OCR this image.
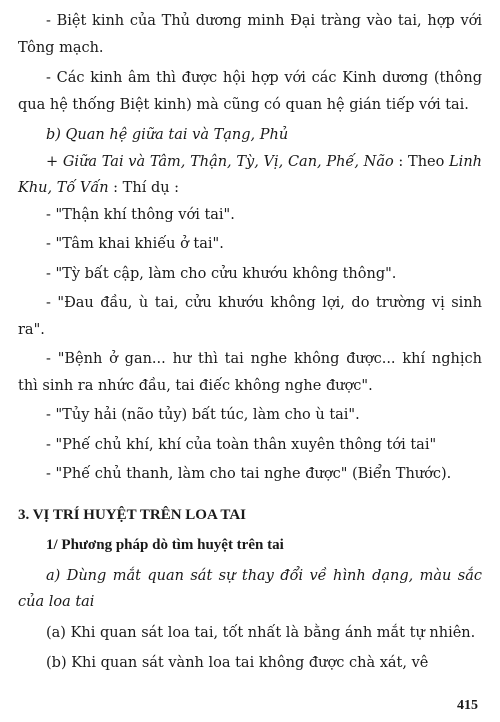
- Biệt kinh của Thủ dương minh Đại tràng vào tai, hợp với Tông mạch.

- Các kinh âm thì được hội hợp với các Kinh dương (thông qua hệ thống Biệt kinh) mà cũng có quan hệ gián tiếp với tai.

b) Quan hệ giữa tai và Tạng, Phủ

+ Giữa Tai và Tâm, Thận, Tỳ, Vị, Can, Phế, Não : Theo Linh Khu, Tố Vấn : Thí dụ :

- "Thận khí thông với tai".

- "Tâm khai khiếu ở tai".

- "Tỳ bất cập, làm cho cửu khướu không thông".

- "Đau đầu, ù tai, cửu khướu không lợi, do trường vị sinh ra".

- "Bệnh ở gan... hư thì tai nghe không được... khí nghịch thì sinh ra nhức đầu, tai điếc không nghe được".

- "Tủy hải (não tủy) bất túc, làm cho ù tai".

- "Phế chủ khí, khí của toàn thân xuyên thông tới tai"

- "Phế chủ thanh, làm cho tai nghe được" (Biển Thước).

3. VỊ TRÍ HUYỆT TRÊN LOA TAI
1/ Phương pháp dò tìm huyệt trên tai

a) Dùng mắt quan sát sự thay đổi về hình dạng, màu sắc của loa tai

(a) Khi quan sát loa tai, tốt nhất là bằng ánh mắt tự nhiên.

(b) Khi quan sát vành loa tai không được chà xát, vê

415
